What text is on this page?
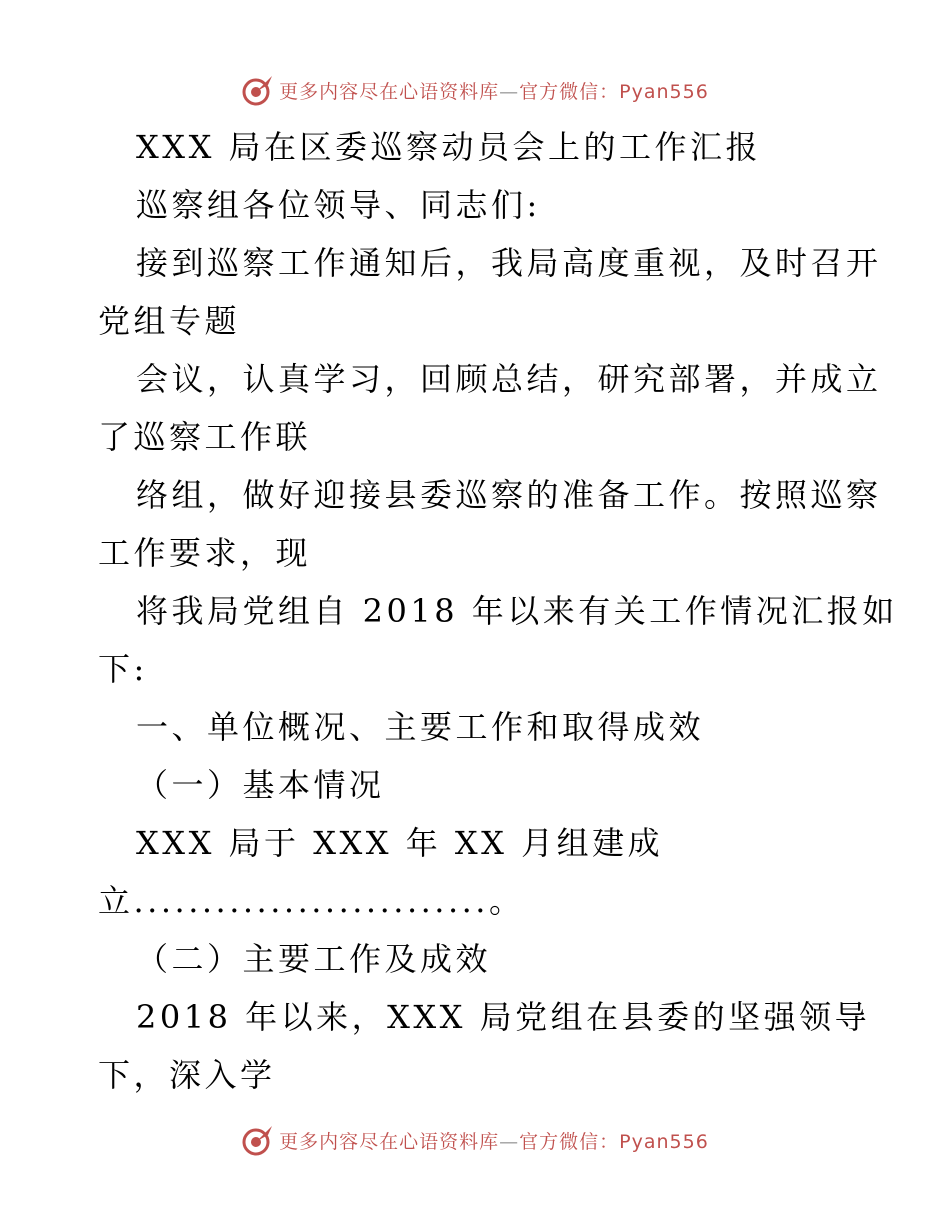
更多内容尽在心语资料库—官方微信：Pyan556
XXX 局在区委巡察动员会上的工作汇报
巡察组各位领导、同志们:
接到巡察工作通知后，我局高度重视，及时召开
党组专题
会议，认真学习，回顾总结，研究部署，并成立
了巡察工作联
络组，做好迎接县委巡察的准备工作。按照巡察
工作要求，现
将我局党组自 2018 年以来有关工作情况汇报如
下:
一、单位概况、主要工作和取得成效
（一）基本情况
XXX 局于 XXX 年 XX 月组建成
立..........................。
（二）主要工作及成效
2018 年以来，XXX 局党组在县委的坚强领导
下，深入学
更多内容尽在心语资料库—官方微信：Pyan556
